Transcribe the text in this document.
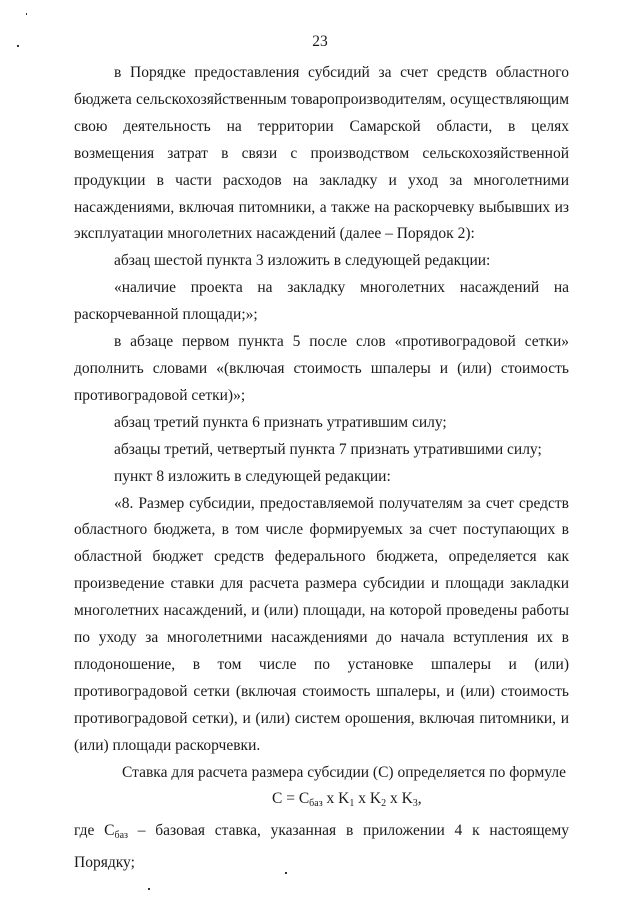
23

в Порядке предоставления субсидий за счет средств областного бюджета сельскохозяйственным товаропроизводителям, осуществляющим свою деятельность на территории Самарской области, в целях возмещения затрат в связи с производством сельскохозяйственной продукции в части расходов на закладку и уход за многолетними насаждениями, включая питомники, а также на раскорчевку выбывших из эксплуатации многолетних насаждений (далее – Порядок 2):

абзац шестой пункта 3 изложить в следующей редакции:

«наличие проекта на закладку многолетних насаждений на раскорчеванной площади;»;

в абзаце первом пункта 5 после слов «противоградовой сетки» дополнить словами «(включая стоимость шпалеры и (или) стоимость противоградовой сетки)»;

абзац третий пункта 6 признать утратившим силу;

абзацы третий, четвертый пункта 7 признать утратившими силу;

пункт 8 изложить в следующей редакции:

«8. Размер субсидии, предоставляемой получателям за счет средств областного бюджета, в том числе формируемых за счет поступающих в областной бюджет средств федерального бюджета, определяется как произведение ставки для расчета размера субсидии и площади закладки многолетних насаждений, и (или) площади, на которой проведены работы по уходу за многолетними насаждениями до начала вступления их в плодоношение, в том числе по установке шпалеры и (или) противоградовой сетки (включая стоимость шпалеры, и (или) стоимость противоградовой сетки), и (или) систем орошения, включая питомники, и (или) площади раскорчевки.

Ставка для расчета размера субсидии (С) определяется по формуле

$С = С_{баз}$ x $K_1$ x $K_2$ x $K_3$,

где $С_{баз}$ – базовая ставка, указанная в приложении 4 к настоящему Порядку;
